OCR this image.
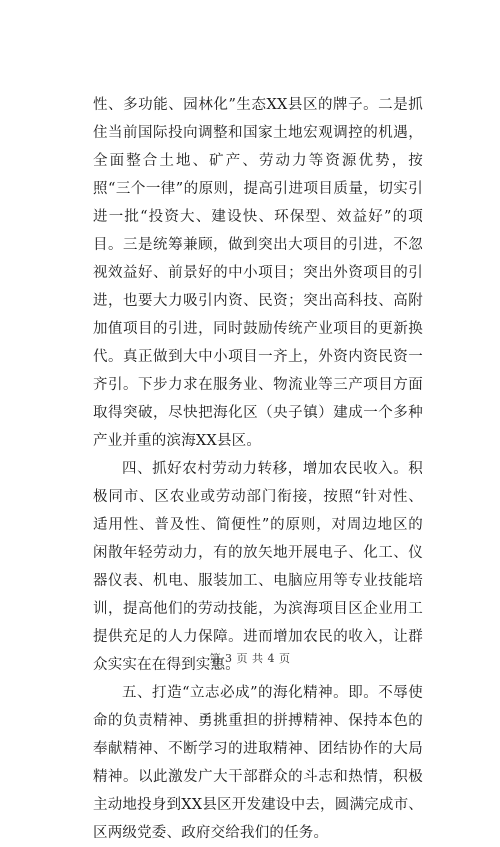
性、多功能、园林化”生态XX县区的牌子。二是抓住当前国际投向调整和国家土地宏观调控的机遇，全面整合土地、矿产、劳动力等资源优势，按照“三个一律”的原则，提高引进项目质量，切实引进一批“投资大、建设快、环保型、效益好”的项目。三是统筹兼顾，做到突出大项目的引进，不忽视效益好、前景好的中小项目；突出外资项目的引进，也要大力吸引内资、民资；突出高科技、高附加值项目的引进，同时鼓励传统产业项目的更新换代。真正做到大中小项目一齐上，外资内资民资一齐引。下步力求在服务业、物流业等三产项目方面取得突破，尽快把海化区（央子镇）建成一个多种产业并重的滨海XX县区。

四、抓好农村劳动力转移，增加农民收入。积极同市、区农业或劳动部门衔接，按照“针对性、适用性、普及性、简便性”的原则，对周边地区的闲散年轻劳动力，有的放矢地开展电子、化工、仪器仪表、机电、服装加工、电脑应用等专业技能培训，提高他们的劳动技能，为滨海项目区企业用工提供充足的人力保障。进而增加农民的收入，让群众实实在在得到实惠。

五、打造“立志必成”的海化精神。即。不辱使命的负责精神、勇挑重担的拼搏精神、保持本色的奉献精神、不断学习的进取精神、团结协作的大局精神。以此激发广大干部群众的斗志和热情，积极主动地投身到XX县区开发建设中去，圆满完成市、区两级党委、政府交给我们的任务。

第 3 页 共 4 页
